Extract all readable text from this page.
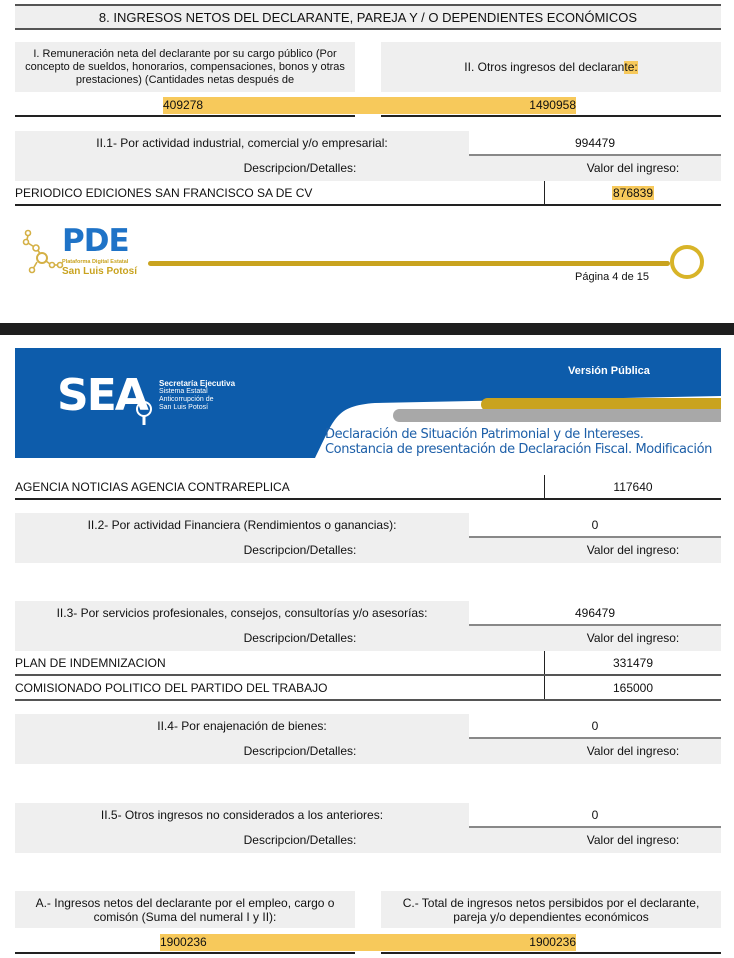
8. INGRESOS NETOS DEL DECLARANTE, PAREJA Y / O DEPENDIENTES ECONÓMICOS
I. Remuneración neta del declarante por su cargo público (Por concepto de sueldos, honorarios, compensaciones, bonos y otras prestaciones) (Cantidades netas después de
II. Otros ingresos del declaran te:
409278	1490958
II.1- Por actividad industrial, comercial y/o empresarial:	994479
Descripcion/Detalles:	Valor del ingreso:
PERIODICO EDICIONES SAN FRANCISCO SA DE CV	876839
PDE
Plataforma Digital Estatal
San Luis Potosí	Página 4 de 15
SEA Secretaría Ejecutiva
Sistema Estatal
Anticorrupción de
San Luis Potosí
Versión Pública
Declaración de Situación Patrimonial y de Intereses.
Constancia de presentación de Declaración Fiscal. Modificación
AGENCIA NOTICIAS AGENCIA CONTRAREPLICA	117640
II.2- Por actividad Financiera (Rendimientos o ganancias):	0
Descripcion/Detalles:	Valor del ingreso:
II.3- Por servicios profesionales, consejos, consultorías y/o asesorías:	496479
Descripcion/Detalles:	Valor del ingreso:
PLAN DE INDEMNIZACION	331479
COMISIONADO POLITICO DEL PARTIDO DEL TRABAJO	165000
II.4- Por enajenación de bienes:	0
Descripcion/Detalles:	Valor del ingreso:
II.5- Otros ingresos no considerados a los anteriores:	0
Descripcion/Detalles:	Valor del ingreso:
A.- Ingresos netos del declarante por el empleo, cargo o comisón (Suma del numeral I y II):
C.- Total de ingresos netos persibidos por el declarante, pareja y/o dependientes económicos
1900236	1900236
